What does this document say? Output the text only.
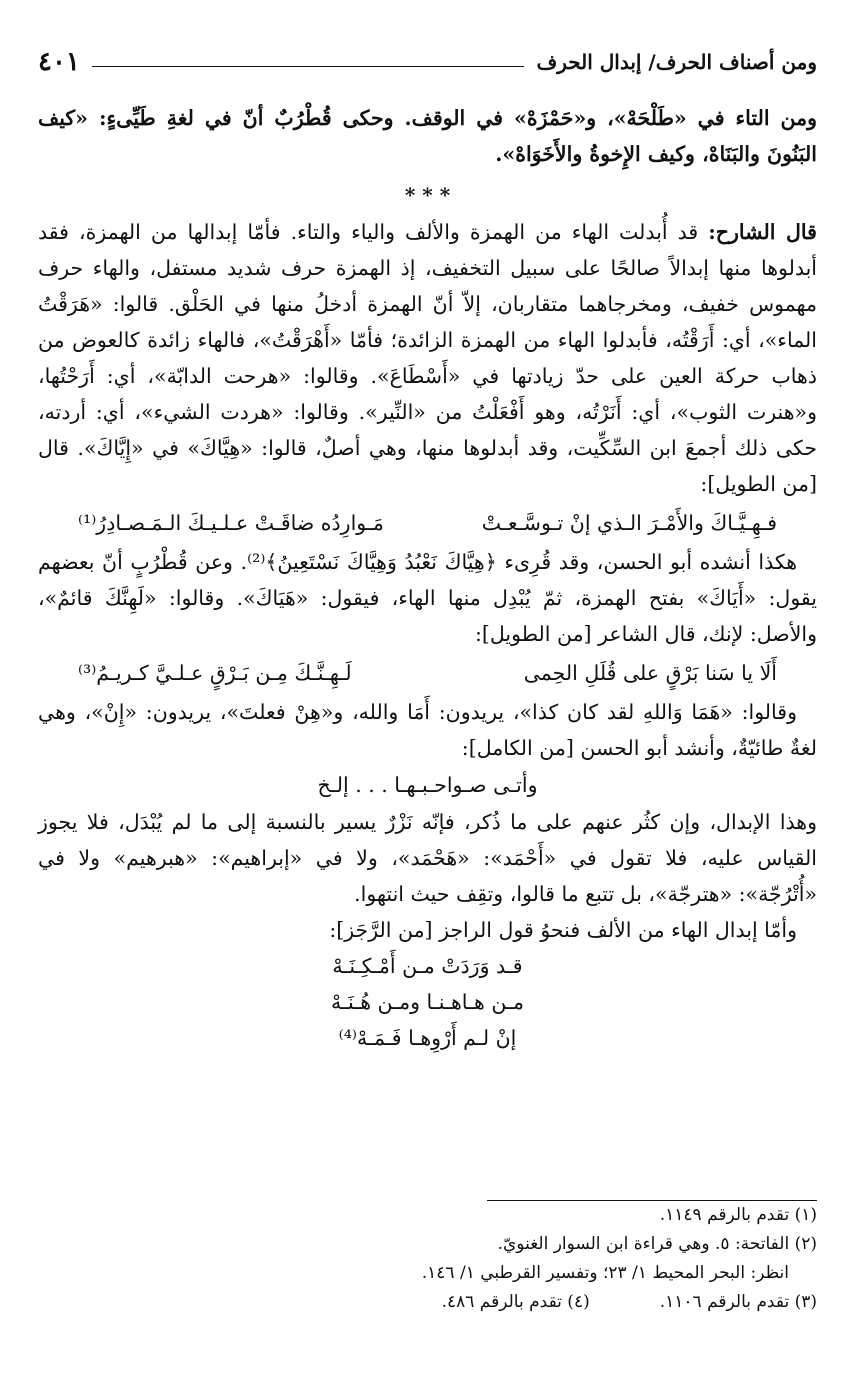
ومن أصناف الحرف/ إبدال الحرف
٤٠١

ومن التاء في «طَلْحَهْ»، و«حَمْزَهْ» في الوقف. وحكى قُطْرُبٌ أنّ في لغةِ طَيِّىءٍ: «كيف البَنُونَ والبَنَاهْ، وكيف الإِخوةُ والأَخَوَاهْ».

* * *

قال الشارح: قد أُبدلت الهاء من الهمزة والألف والياء والتاء. فأمّا إبدالها من الهمزة، فقد أبدلوها منها إبدالاً صالحًا على سبيل التخفيف، إذ الهمزة حرف شديد مستفل، والهاء حرف مهموس خفيف، ومخرجاهما متقاربان، إلاّ أنّ الهمزة أدخلُ منها في الحَلْق. قالوا: «هَرَقْتُ الماء»، أي: أَرَقْتُه، فأبدلوا الهاء من الهمزة الزائدة؛ فأمّا «أَهْرَقْتُ»، فالهاء زائدة كالعوض من ذهاب حركة العين على حدّ زيادتها في «أَسْطَاعَ». وقالوا: «هرحت الدابّة»، أي: أَرَحْتُها، و«هنرت الثوب»، أي: أَنَرْتُه، وهو أَفْعَلْتُ من «النِّير». وقالوا: «هردت الشيء»، أي: أردته، حكى ذلك أجمعَ ابن السِّكِّيت، وقد أبدلوها منها، وهي أصلٌ، قالوا: «هِيَّاكَ» في «إِيَّاكَ». قال [من الطويل]:

فـهِـيَّـاكَ والأَمْـرَ الـذي إنْ تـوسَّـعـتْ
مَـوارِدُه ضاقَـتْ عـلـيـكَ الـمَـصـادِرُ⁽¹⁾

هكذا أنشده أبو الحسن، وقد قُرِىء ﴿هِيَّاكَ نَعْبُدُ وَهِيَّاكَ نَسْتَعِينُ﴾⁽²⁾. وعن قُطْرُبٍ أنّ بعضهم يقول: «أَيَاكَ» بفتح الهمزة، ثمّ يُبْدِل منها الهاء، فيقول: «هَيَاكَ». وقالوا: «لَهِنَّكَ قائمٌ»، والأصل: لإنك، قال الشاعر [من الطويل]:

أَلَا يا سَنا بَرْقٍ على قُلَلِ الحِمى
لَـهِـنَّـكَ مِـن بَـرْقٍ عـلـيَّ كـريـمُ⁽³⁾

وقالوا: «هَمَا وَاللهِ لقد كان كذا»، يريدون: أَمَا والله، و«هِنْ فعلتَ»، يريدون: «إِنْ»، وهي لغةٌ طائيّةٌ، وأنشد أبو الحسن [من الكامل]:

وأتـى صـواحـبـهـا . . . إلـخ

وهذا الإبدال، وإن كثُر عنهم على ما ذُكر، فإنّه نَزْرٌ يسير بالنسبة إلى ما لم يُبْدَل، فلا يجوز القياس عليه، فلا تقول في «أَحْمَد»: «هَحْمَد»، ولا في «إبراهيم»: «هبرهيم» ولا في «أُتْرُجّة»: «هترجّة»، بل تتبع ما قالوا، وتقِف حيث انتهوا.

وأمّا إبدال الهاء من الألف فنحوُ قول الراجز [من الرَّجَز]:

قـد وَرَدَتْ مـن أَمْـكِـنَـهْ
مـن هـاهـنـا ومـن هُـنَـهْ
إنْ لـم أَرْوِهـا فَـمَـهْ⁽⁴⁾

(١) تقدم بالرقم ١١٤٩.

(٢) الفاتحة: ٥. وهي قراءة ابن السوار الغنويّ.

انظر: البحر المحيط ١/ ٢٣؛ وتفسير القرطبي ١/ ١٤٦.

(٣) تقدم بالرقم ١١٠٦.
(٤) تقدم بالرقم ٤٨٦.
